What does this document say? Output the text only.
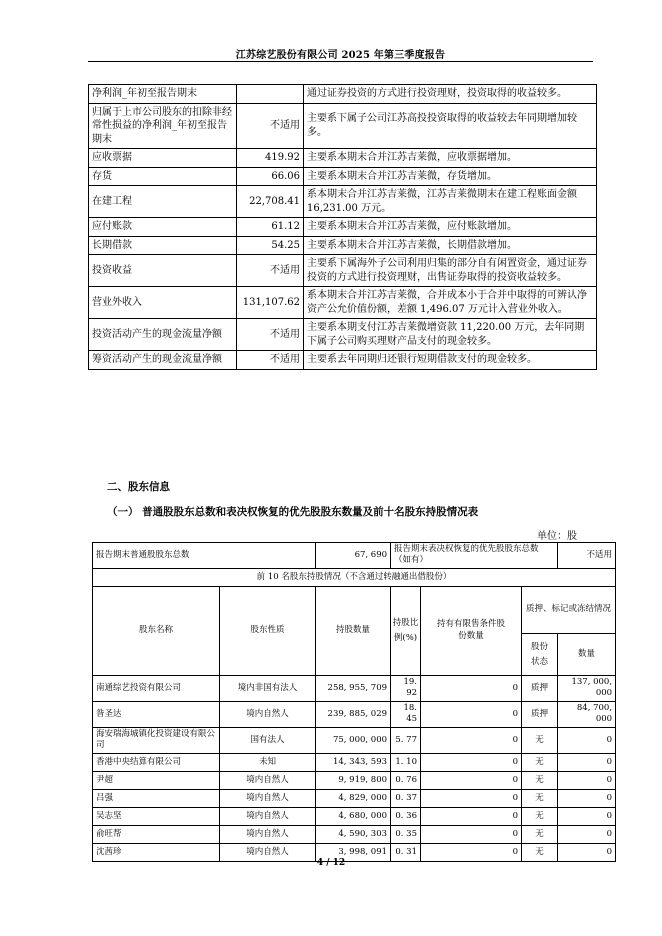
江苏综艺股份有限公司 2025 年第三季度报告
净利润_年初至报告期末		通过证券投资的方式进行投资理财，投资取得的收益较多。
归属于上市公司股东的扣除非经常性损益的净利润_年初至报告期末	不适用	主要系下属子公司江苏高投投资取得的收益较去年同期增加较多。
应收票据	419.92	主要系本期末合并江苏吉莱微，应收票据增加。
存货	66.06	主要系本期末合并江苏吉莱微，存货增加。
在建工程	22,708.41	系本期末合并江苏吉莱微，江苏吉莱微期末在建工程账面金额 16,231.00 万元。
应付账款	61.12	主要系本期末合并江苏吉莱微，应付账款增加。
长期借款	54.25	主要系本期末合并江苏吉莱微，长期借款增加。
投资收益	不适用	主要系下属海外子公司利用归集的部分自有闲置资金，通过证券投资的方式进行投资理财，出售证券取得的投资收益较多。
营业外收入	131,107.62	系本期末合并江苏吉莱微，合并成本小于合并中取得的可辨认净资产公允价值份额，差额 1,496.07 万元计入营业外收入。
投资活动产生的现金流量净额	不适用	主要系本期支付江苏吉莱微增资款 11,220.00 万元，去年同期下属子公司购买理财产品支付的现金较多。
筹资活动产生的现金流量净额	不适用	主要系去年同期归还银行短期借款支付的现金较多。
二、股东信息
（一） 普通股股东总数和表决权恢复的优先股股东数量及前十名股东持股情况表
单位：股
报告期末普通股股东总数		67, 690	报告期末表决权恢复的优先股股东总数（如有）			不适用
前 10 名股东持股情况（不含通过转融通出借股份）						
股东名称	股东性质	持股数量	持股比例(%)	持有有限售条件股份数量	质押、标记或冻结情况	
					股份状态	数量
南通综艺投资有限公司	境内非国有法人	258, 955, 709	19. 92	0	质押	137, 000, 000
昝圣达	境内自然人	239, 885, 029	18. 45	0	质押	84, 700, 000
海安瑞海城镇化投资建设有限公司	国有法人	75, 000, 000	5. 77	0	无	0
香港中央结算有限公司	未知	14, 343, 593	1. 10	0	无	0
尹超	境内自然人	9, 919, 800	0. 76	0	无	0
吕强	境内自然人	4, 829, 000	0. 37	0	无	0
吴志坚	境内自然人	4, 680, 000	0. 36	0	无	0
俞旺帮	境内自然人	4, 590, 303	0. 35	0	无	0
沈茜珍	境内自然人	3, 998, 091	0. 31	0	无	0
4 / 12
